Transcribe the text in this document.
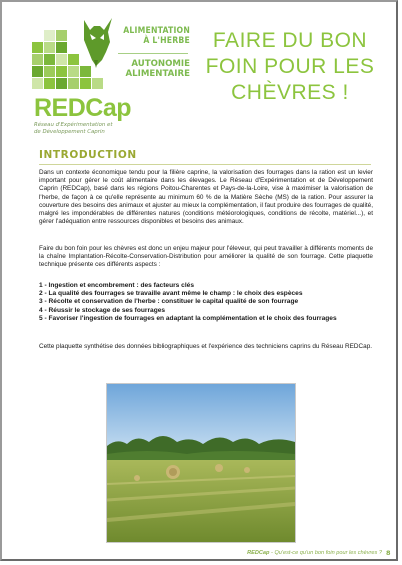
ALIMENTATION
À L'HERBE
AUTONOMIE
ALIMENTAIRE
REDCap
Réseau d'Expérimentation et de Développement Caprin
FAIRE DU BON
FOIN POUR LES
CHÈVRES !
INTRODUCTION
Dans un contexte économique tendu pour la filière caprine, la valorisation des fourrages dans la ration est un levier important pour gérer le coût alimentaire dans les élevages. Le Réseau d'Expérimentation et de Développement Caprin (REDCap), basé dans les régions Poitou-Charentes et Pays-de-la-Loire, vise à maximiser la valorisation de l'herbe, de façon à ce qu'elle représente au minimum 60 % de la Matière Sèche (MS) de la ration. Pour assurer la couverture des besoins des animaux et ajuster au mieux la complémentation, il faut produire des fourrages de qualité, malgré les impondérables de différentes natures (conditions météorologiques, conditions de récolte, matériel...), et gérer l'adéquation entre ressources disponibles et besoins des animaux.
Faire du bon foin pour les chèvres est donc un enjeu majeur pour l'éleveur, qui peut travailler à différents moments de la chaîne Implantation-Récolte-Conservation-Distribution pour améliorer la qualité de son fourrage. Cette plaquette technique présente ces différents aspects :
1 - Ingestion et encombrement : des facteurs clés
2 - La qualité des fourrages se travaille avant même le champ : le choix des espèces
3 - Récolte et conservation de l'herbe : constituer le capital qualité de son fourrage
4 - Réussir le stockage de ses fourrages
5 - Favoriser l'ingestion de fourrages en adaptant la complémentation et le choix des fourrages
Cette plaquette synthétise des données bibliographiques et l'expérience des techniciens caprins du Réseau REDCap.
REDCap - Qu'est-ce qu'un bon foin pour les chèvres ? 8
